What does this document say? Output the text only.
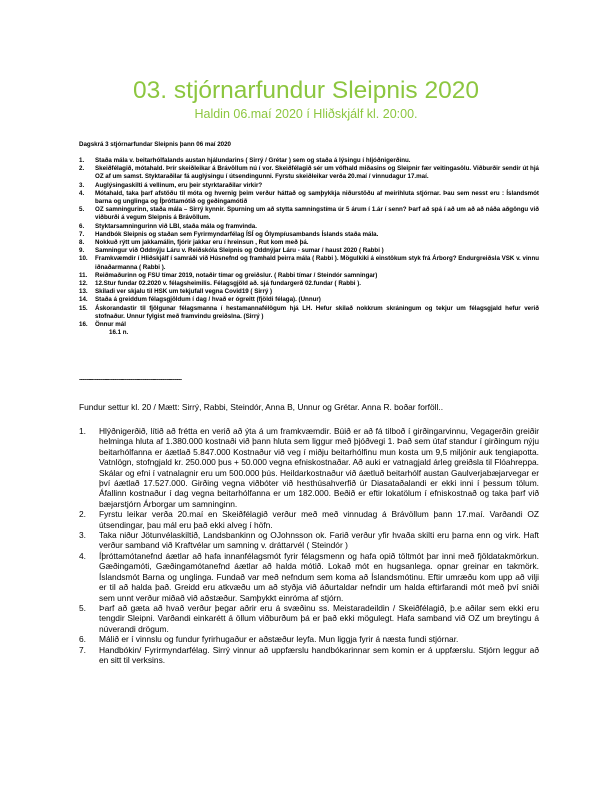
03. stjórnarfundur Sleipnis 2020
Haldin 06.maí 2020 í Hliðskjálf kl. 20:00.
Dagskrá 3 stjórnarfundar Sleipnis þann 06 maí 2020
1. Staða mála v. beitarhólfalands austan hjálundarins ( Sirrý / Grétar ) sem og staða á lýsingu í hljóðnigerðinu.
2. Skeiðfélagið, mótahald. Þrír skeiðleikar á Brávöllum nú í vor. Skeiðfélagið sér um vöfhald miðasins og Sleipnir fær veitingasölu. Viðburðir sendir út hjá OZ af um samst. Styktaraðilar fá auglýsingu í útsendingunni. Fyrstu skeiðleikar verða 20.maí / vinnudagur 17.maí.
3. Auglýsingaskilti á vellinum, eru þeir styrktaraðilar virkir?
4. Mótahald, taka þarf afstöðu til móta og hvernig þeim verður háttað og samþykkja niðurstöðu af meirihluta stjórnar. Þau sem nesst eru : Íslandsmót barna og unglinga og Íþróttamótið og geðingamótið
5. OZ samningurinn, staða mála – Sirrý kynnir. Spurning um að stytta samningstíma úr 5 árum í 1.ár í senn? Þarf að spá í að um að að náða aðgöngu við viðburði á vegum Sleipnis á Brávöllum.
6. Styktarsamningurinn við LBI, staða mála og framvinda.
7. Handbók Sleipnis og staðan sem Fyrirmyndarfélag ÍSÍ og Ólympíusambands Íslands staða mála.
8. Nokkuð rýtt um jakkamálin, fjórir jakkar eru í hreinsun , Rut kom með þá.
9. Samningur við Oddnýju Láru v. Reiðskóla Sleipnis og Oddnýjar Láru - sumar / haust 2020 ( Rabbi )
10. Framkvæmdir í Hliðskjálf í samráði við Húsnefnd og framhald þeirra mála ( Rabbi ). Mögulkiki á einstökum styk frá Árborg? Endurgreiðsla VSK v. vinnu iðnaðarmanna ( Rabbi ).
11. Reiðmaðurinn og FSU tímar 2019, notaðir tímar og greiðslur. ( Rabbi tímar / Steindór samningar)
12. 12.Stur fundar 02.2020 v. félagsheimilis. Félagsgjöld að. sjá fundargerð 02.fundar ( Rabbi ).
13. Skiladi ver skjalu til HSK um tekjufall vegna Covid19 ( Sirrý )
14. Staða á greiddum félagsgjöldum í dag / hvað er ógreitt (fjöldi félaga). (Unnur)
15. Áskorandastir til fjölgunar félagsmanna í hestamannafélögum hjá LH. Hefur skilað nokkrum skráningum og tekjur um félagsgjald hefur verið stofnaður. Unnur fylgist með framvindu greiðslna. (Sirrý )
16. Önnur mál
16.1 n.
................................................................................................
Fundur settur kl. 20 / Mætt: Sirrý, Rabbi, Steindór, Anna B, Unnur og Grétar. Anna R. boðar forföll..
1. Hlýðnigerðið, lítið að frétta en verið að ýta á um framkvæmdir. Búið er að fá tilboð í girðingarvinnu, Vegagerðin greiðir helminga hluta af 1.380.000 kostnaði við þann hluta sem liggur með þjóðvegi 1. Það sem útaf standur í girðingum nýju beitarhólfanna er áætlað 5.847.000 Kostnaður við veg í miðju beitarhólfinu mun kosta um 9,5 miljónir auk tengiapotta. Vatnlögn, stofngjald kr. 250.000 þus + 50.000 vegna efniskostnaðar. Að auki er vatnagjald árleg greiðsla til Flóahreppa. Skálar og efni í vatnalagnir eru um 500.000 þús. Heildarkostnaður við áætluð beitarhólf austan Gaulverjabæjarvegar er því áætlað 17.527.000. Girðing vegna viðbóter við hesthúsahverfið úr Diasataðalandi er ekki inni í þessum tölum. Áfallinn kostnaður í dag vegna beitarhólfanna er um 182.000. Beðið er eftir lokatölum í efniskostnað og taka þarf við bæjarstjórn Árborgar um samninginn.
2. Fyrstu leikar verða 20.maí en Skeiðfélagið verður með með vinnudag á Brávöllum þann 17.maí. Varðandi OZ útsendingar, þau mál eru það ekki alveg í höfn.
3. Taka niður Jötunvélaskiltið, Landsbankinn og OJohnsson ok. Farið verður yfir hvaða skilti eru þarna enn og virk. Haft verður samband við Kraftvélar um samning v. dráttarvél ( Steindór )
4. Íþróttamótanefnd áætlar að hafa innanfélagsmót fyrir félagsmenn og hafa opið töltmót þar inni með fjöldatakmörkun. Gæðingamóti, Gæðingamótanefnd áætlar að halda mótið. Lokað mót en hugsanlega. opnar greinar en takmörk. Íslandsmót Barna og unglinga. Fundað var með nefndum sem koma að Íslandsmótinu. Eftir umræðu kom upp að vilji er til að halda það. Greidd eru atkvæðu um að styðja við áðurtaldar nefndir um halda eftirfarandi mót með því sniði sem unnt verður miðað við aðstæður. Samþykkt einróma af stjórn.
5. Þarf að gæta að hvað verður þegar aðrir eru á svæðinu ss. Meistaradeildin / Skeiðfélagið, þ.e aðilar sem ekki eru tengdir Sleipni. Varðandi einkarétt á öllum viðburðum þá er það ekki mögulegt. Hafa samband við OZ um breytingu á núverandi drögum.
6. Málið er í vinnslu og fundur fyrirhugaður er aðstæður leyfa. Mun liggja fyrir á næsta fundi stjórnar.
7. Handbókin/ Fyrirmyndarfélag. Sirrý vinnur að uppfærslu handbókarinnar sem komin er á uppfærslu. Stjórn leggur að en sitt til verksins.
